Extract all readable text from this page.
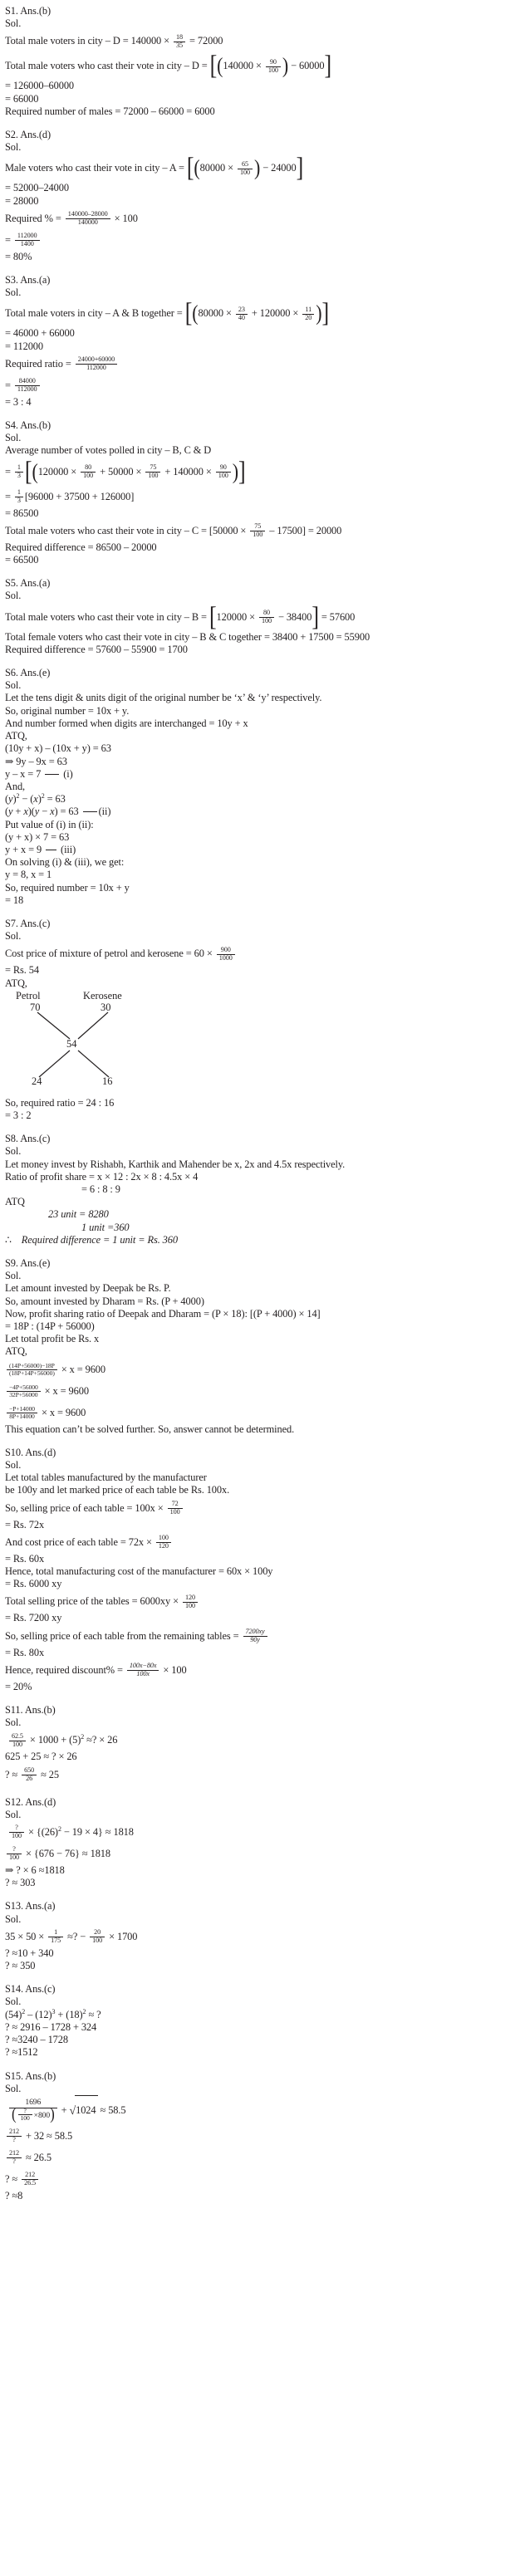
S1. Ans.(b)
Sol.
Total male voters in city – $D = 140000 \times \frac{18}{35} = 72000$
Total male voters who cast their vote in city – $D = [(140000 \times \frac{90}{100}$ ) − 60000]
= 126000–60000
= 66000
Required number of males = 72000 – 66000 = 6000
S2. Ans.(d)
Sol.
Male voters who cast their vote in city – $A = [(80000 \times \frac{65}{100}$ ) − 24000]
= 52000–24000
= 28000
Required % = $\frac{140000-28000}{140000} \times 100$
= $\frac{112000}{1400}$
= 80%
S3. Ans.(a)
Sol.
Total male voters in city – A & B together = [($80000 \times \frac{23}{40} + 120000 \times \frac{11}{20}$ )]
= 46000 + 66000
= 112000
Required ratio = $\frac{24000+60000}{112000}$
= $\frac{84000}{112000}$
= 3 : 4
S4. Ans.(b)
Sol.
Average number of votes polled in city – B, C & D
= $\frac{1}{3} [(120000 \times \frac{80}{100} + 50000 \times \frac{75}{100} + 140000 \times \frac{90}{100}$ )]
= $\frac{1}{3} [96000 + 37500 + 126000]$
= 86500
Total male voters who cast their vote in city – $C = [50000 \times \frac{75}{100} - 17500] = 20000$
Required difference = 86500 – 20000
= 66500
S5. Ans.(a)
Sol.
Total male voters who cast their vote in city – $B = [120000 \times \frac{80}{100} - 38400] = 57600$
Total female voters who cast their vote in city – B & C together = 38400 + 17500 = 55900
Required difference = 57600 – 55900 = 1700
S6. Ans.(e)
Sol.
Let the tens digit & units digit of the original number be ‘x’ & ‘y’ respectively.
So, original number = 10x + y.
And number formed when digits are interchanged = 10y + x
ATQ,
(10y + x) – (10x + y) = 63
⇒ 9y – 9x = 63
y – x = 7  (i)
And,
$(y)^2 - (x)^2 = 63$
(y + x)(y − x) = 63 (ii)
Put value of (i) in (ii):
(y + x) × 7 = 63
y + x = 9  (iii)
On solving (i) & (iii), we get:
y = 8, x = 1
So, required number = 10x + y
= 18
S7. Ans.(c)
Sol.
Cost price of mixture of petrol and kerosene = $60 \times \frac{900}{1000}$
= Rs. 54
ATQ,
Petrol	Kerosene
70	30
54
24	16
So, required ratio = 24 : 16
= 3 : 2
S8. Ans.(c)
Sol.
Let money invest by Rishabh, Karthik and Mahender be x, 2x and 4.5x respectively.
Ratio of profit share = x × 12 : 2x × 8 : 4.5x × 4
= 6 : 8 : 9
ATQ
23 unit = 8280
1 unit =360
∴    Required difference = 1 unit = Rs. 360
S9. Ans.(e)
Sol.
Let amount invested by Deepak be Rs. P.
So, amount invested by Dharam = Rs. (P + 4000)
Now, profit sharing ratio of Deepak and Dharam = (P × 18): [(P + 4000) × 14]
= 18P : (14P + 56000)
Let total profit be Rs. x
ATQ,
$\frac{(14P+56000)-18P}{(18P+14P+56000)} \times x = 9600$
$\frac{-4P+56000}{32P+56000} \times x = 9600$
$\frac{-P+14000}{8P+14000} \times x = 9600$
This equation can’t be solved further. So, answer cannot be determined.
S10. Ans.(d)
Sol.
Let total tables manufactured by the manufacturer
be 100y and let marked price of each table be Rs. 100x.
So, selling price of each table = $100x \times \frac{72}{100}$
= Rs. 72x
And cost price of each table = $72x \times \frac{100}{120}$
= Rs. 60x
Hence, total manufacturing cost of the manufacturer = 60x × 100y
= Rs. 6000 xy
Total selling price of the tables = $6000xy \times \frac{120}{100}$
= Rs. 7200 xy
So, selling price of each table from the remaining tables = $\frac{7200xy}{90y}$
= Rs. 80x
Hence, required discount% = $\frac{100x-80x}{100x} \times 100$
= 20%
S11. Ans.(b)
Sol.

$\frac{62.5}{100} \times 1000 + (5)^2$ ≈? × 26
625 + 25 ≈ ? × 26
? ≈ $\frac{650}{26} \approx 25$
S12. Ans.(d)
Sol.

$\frac{?}{100} \times \{(26)^2 - 19 \times 4\} \approx 1818$
$\frac{?}{100} \times \{676 - 76\} \approx 1818$
⇒ ? × 6 ≈1818
? ≈ 303
S13. Ans.(a)
Sol.
$35 \times 50 \times \frac{1}{175}$ ≈? − $\frac{20}{100} \times 1700$
? ≈10 + 340
? ≈ 350
S14. Ans.(c)
Sol.
$(54)^2 - (12)^3 + (18)^2$ ≈ ?
? ≈ 2916 – 1728 + 324
? ≈3240 – 1728
? ≈1512
S15. Ans.(b)
Sol.

$\frac{1696}{( \frac{?}{100} \times 800)} + √1024 \approx 58.5$
$\frac{212}{?} + 32 \approx 58.5$
$\frac{212}{?} \approx 26.5$
? ≈ $\frac{212}{26.5}$
? ≈8
